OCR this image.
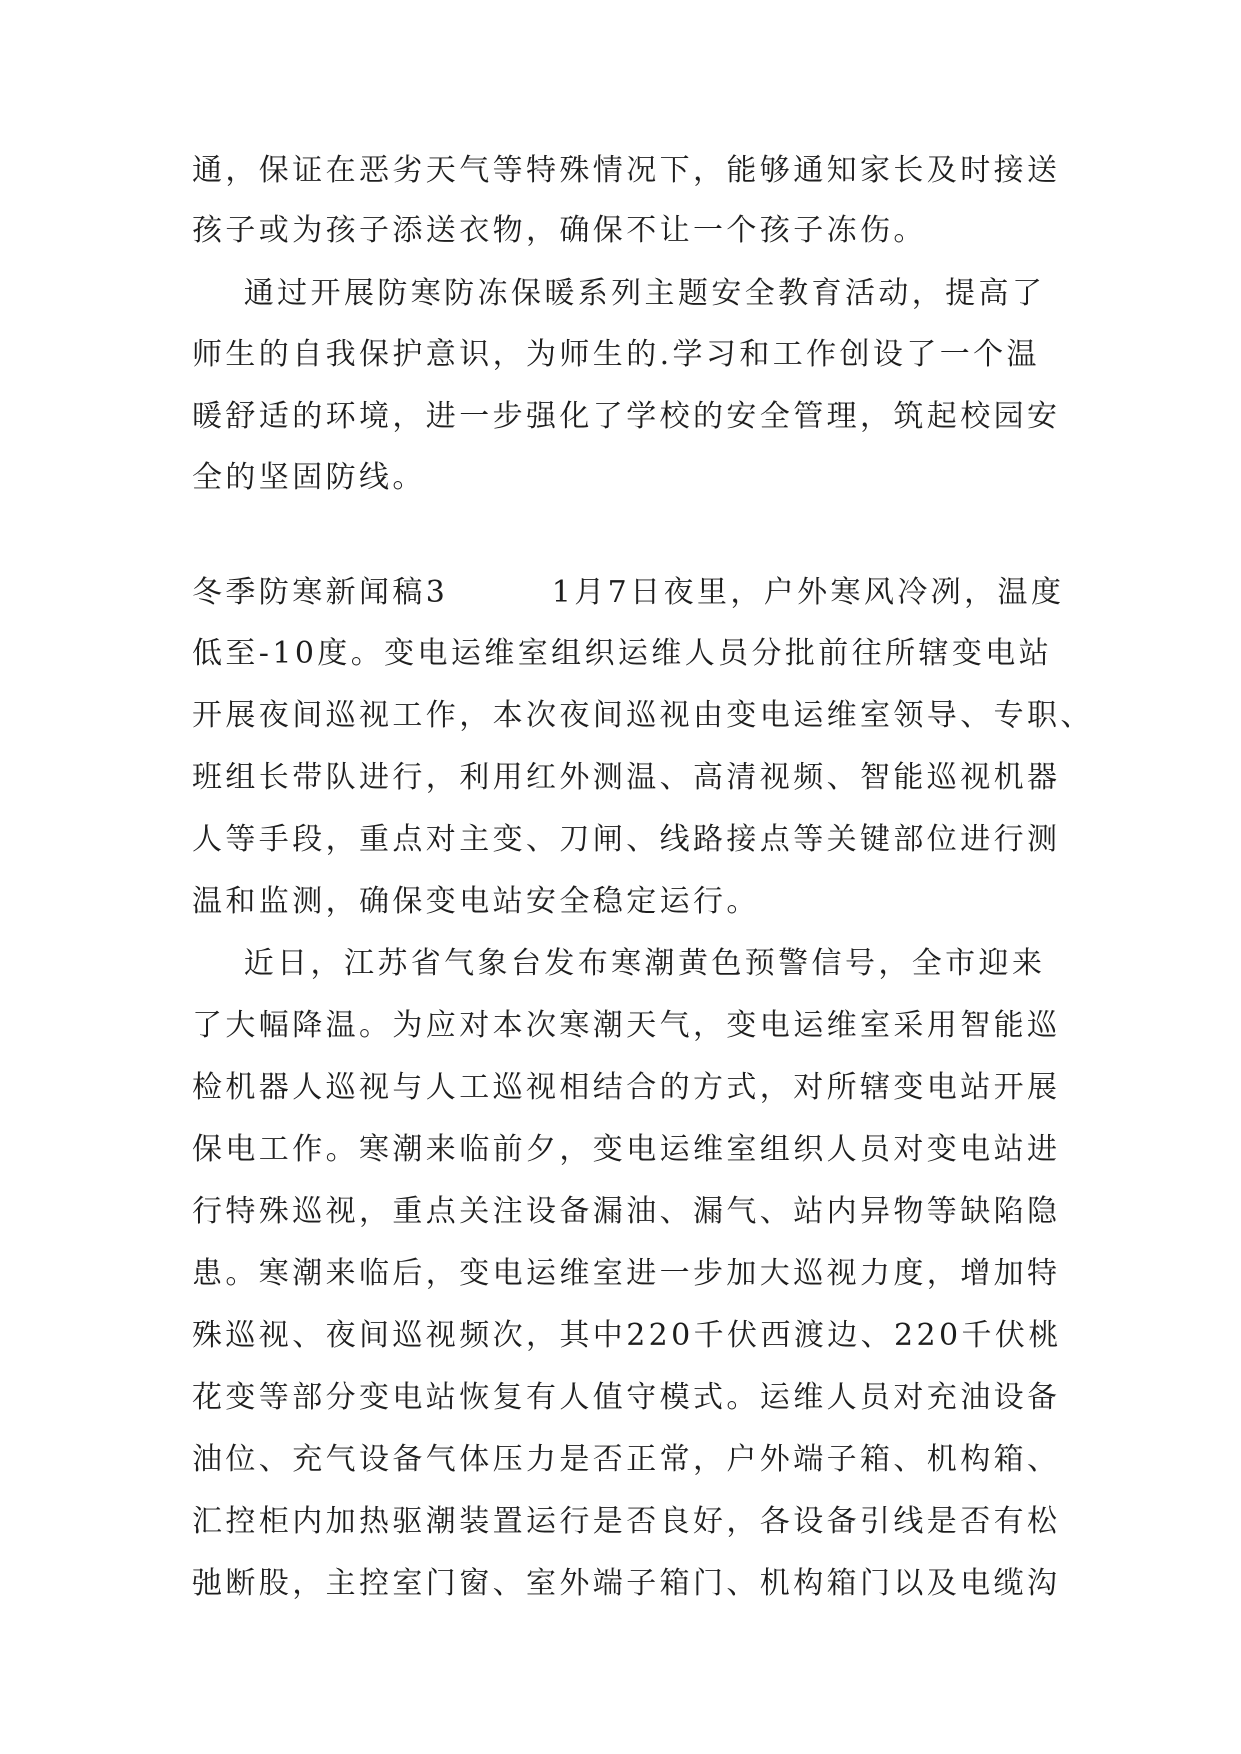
通，保证在恶劣天气等特殊情况下，能够通知家长及时接送
孩子或为孩子添送衣物，确保不让一个孩子冻伤。
通过开展防寒防冻保暖系列主题安全教育活动，提高了
师生的自我保护意识，为师生的.学习和工作创设了一个温
暖舒适的环境，进一步强化了学校的安全管理，筑起校园安
全的坚固防线。
冬季防寒新闻稿3        1月7日夜里，户外寒风冷冽，温度
低至-10度。变电运维室组织运维人员分批前往所辖变电站
开展夜间巡视工作，本次夜间巡视由变电运维室领导、专职、
班组长带队进行，利用红外测温、高清视频、智能巡视机器
人等手段，重点对主变、刀闸、线路接点等关键部位进行测
温和监测，确保变电站安全稳定运行。
近日，江苏省气象台发布寒潮黄色预警信号，全市迎来
了大幅降温。为应对本次寒潮天气，变电运维室采用智能巡
检机器人巡视与人工巡视相结合的方式，对所辖变电站开展
保电工作。寒潮来临前夕，变电运维室组织人员对变电站进
行特殊巡视，重点关注设备漏油、漏气、站内异物等缺陷隐
患。寒潮来临后，变电运维室进一步加大巡视力度，增加特
殊巡视、夜间巡视频次，其中220千伏西渡边、220千伏桃
花变等部分变电站恢复有人值守模式。运维人员对充油设备
油位、充气设备气体压力是否正常，户外端子箱、机构箱、
汇控柜内加热驱潮装置运行是否良好，各设备引线是否有松
弛断股，主控室门窗、室外端子箱门、机构箱门以及电缆沟
